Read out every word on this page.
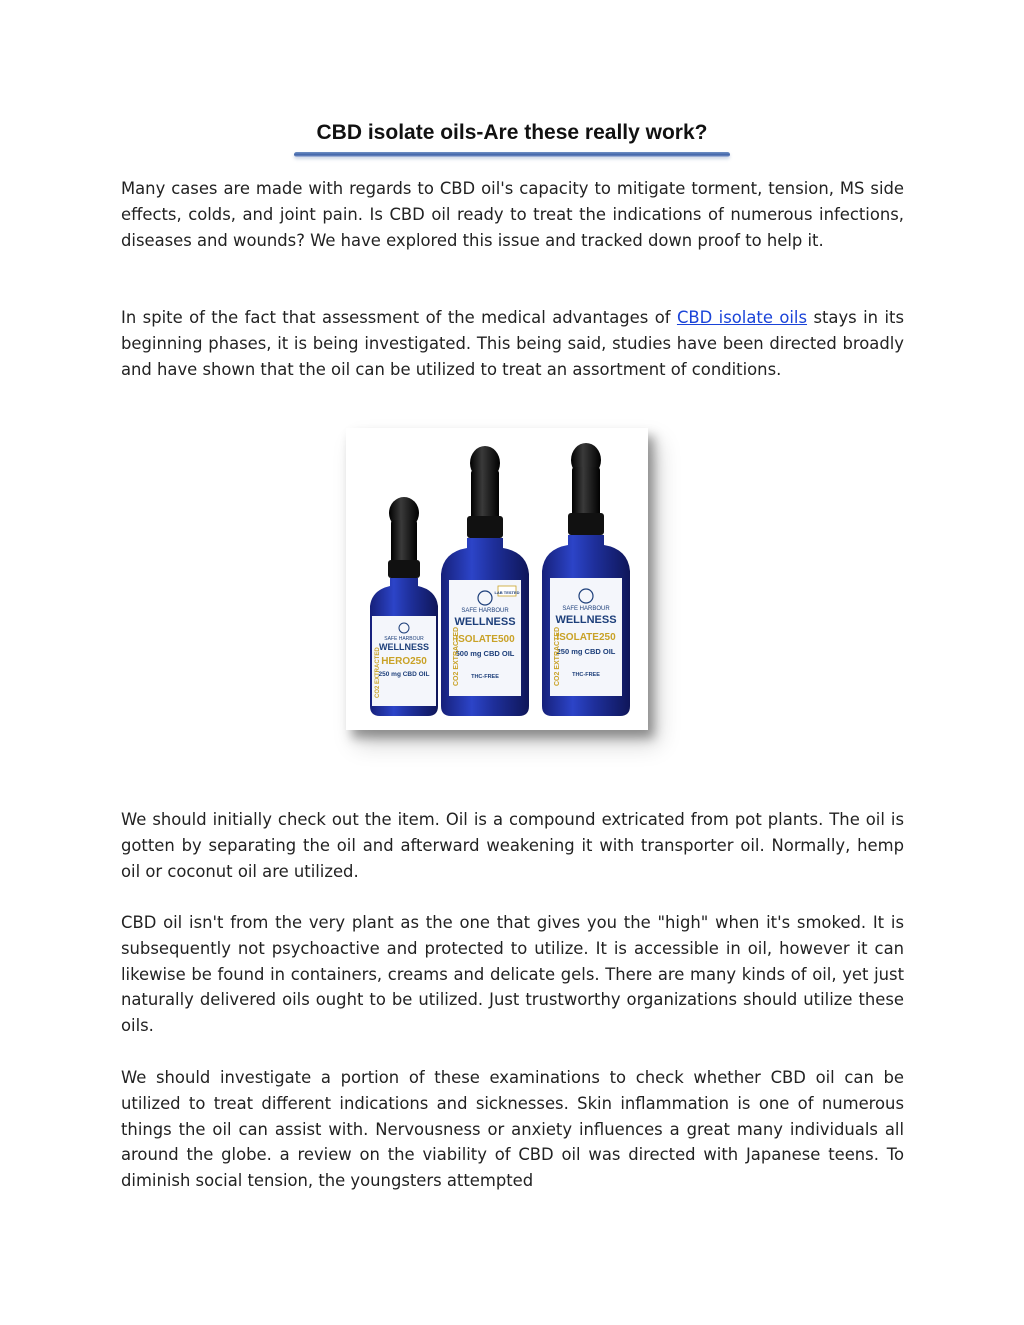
CBD isolate oils-Are these really work?

Many cases are made with regards to CBD oil's capacity to mitigate torment, tension, MS side effects, colds, and joint pain. Is CBD oil ready to treat the indications of numerous infections, diseases and wounds? We have explored this issue and tracked down proof to help it.

In spite of the fact that assessment of the medical advantages of CBD isolate oils stays in its beginning phases, it is being investigated. This being said, studies have been directed broadly and have shown that the oil can be utilized to treat an assortment of conditions.

SAFE HARBOUR
WELLNESS
HERO250
250 mg CBD OIL
CO2 EXTRACTED
SAFE HARBOUR
WELLNESS
ISOLATE500
500 mg CBD OIL
THC-FREE
CO2 EXTRACTED
LAB TESTED
SAFE HARBOUR
WELLNESS
ISOLATE250
250 mg CBD OIL
THC-FREE
CO2 EXTRACTED

We should initially check out the item. Oil is a compound extricated from pot plants. The oil is gotten by separating the oil and afterward weakening it with transporter oil. Normally, hemp oil or coconut oil are utilized.

CBD oil isn't from the very plant as the one that gives you the "high" when it's smoked. It is subsequently not psychoactive and protected to utilize. It is accessible in oil, however it can likewise be found in containers, creams and delicate gels. There are many kinds of oil, yet just naturally delivered oils ought to be utilized. Just trustworthy organizations should utilize these oils.

We should investigate a portion of these examinations to check whether CBD oil can be utilized to treat different indications and sicknesses. Skin inflammation is one of numerous things the oil can assist with. Nervousness or anxiety influences a great many individuals all around the globe. a review on the viability of CBD oil was directed with Japanese teens. To diminish social tension, the youngsters attempted
